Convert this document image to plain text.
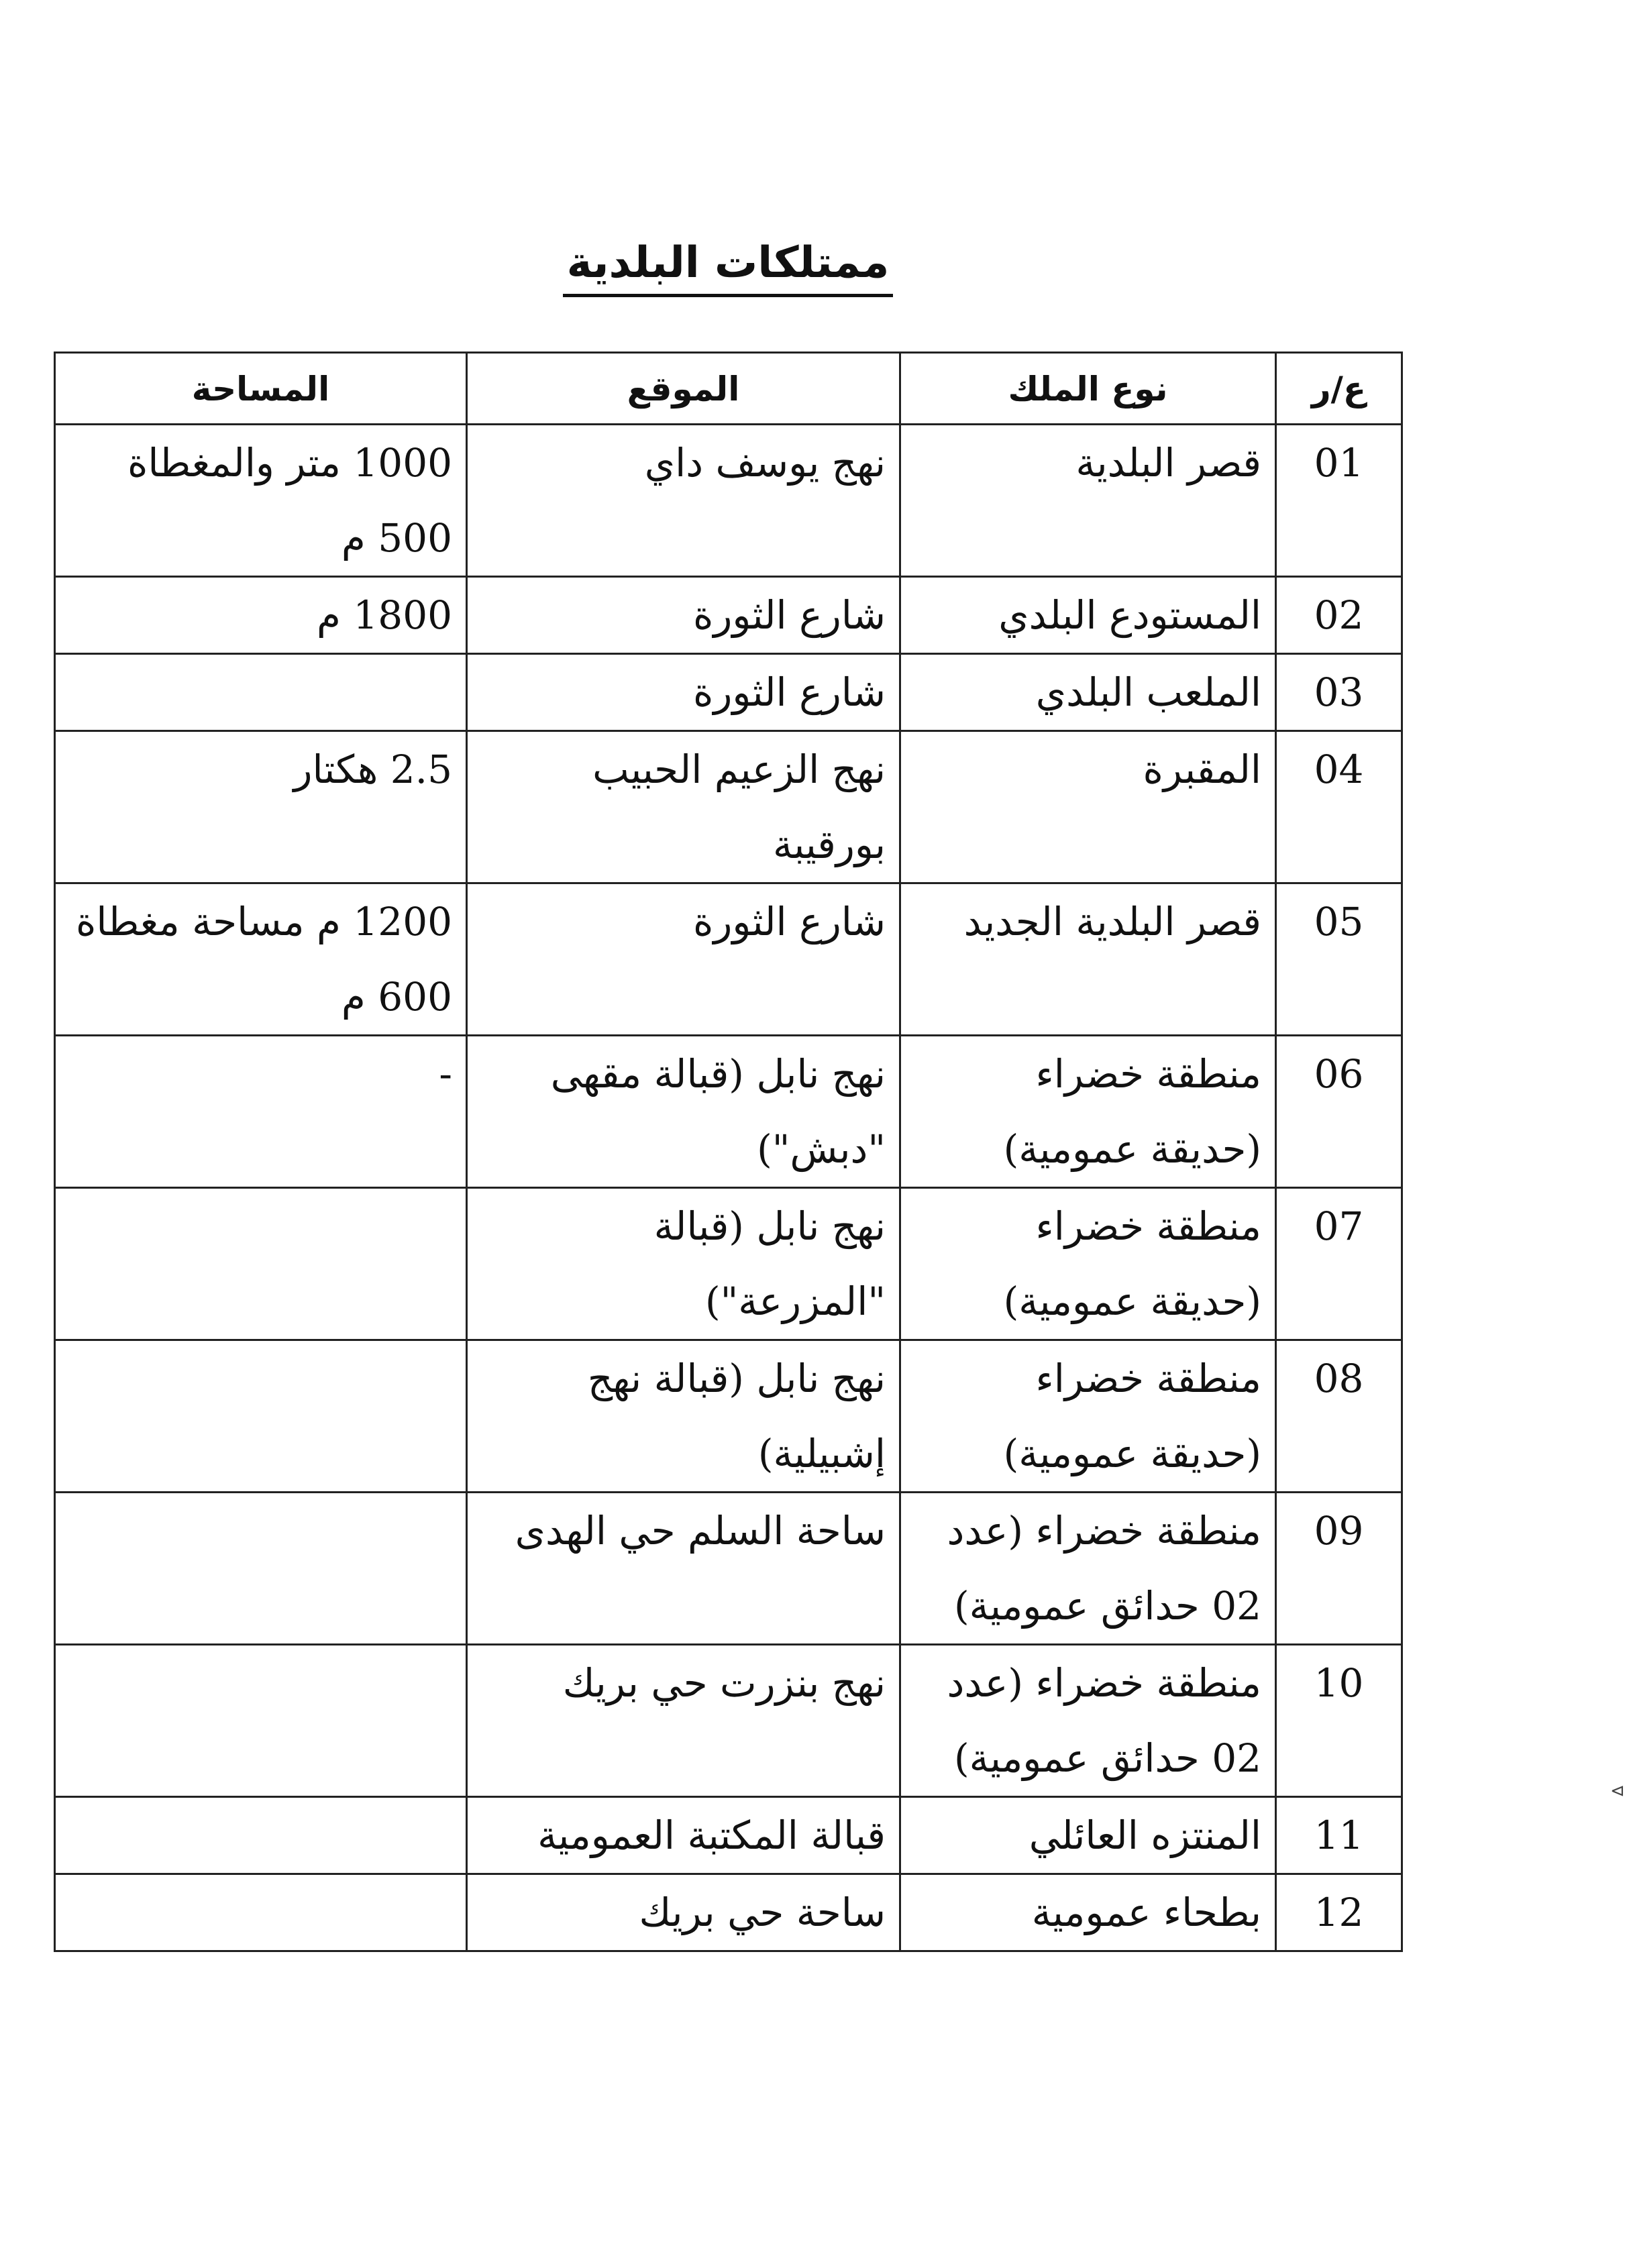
ممتلكات البلدية
ع/ر	نوع الملك	الموقع	المساحة
01	قصر البلدية	نهج يوسف داي	1000 متر والمغطاة 500 م
02	المستودع البلدي	شارع الثورة	1800 م
03	الملعب البلدي	شارع الثورة	
04	المقبرة	نهج الزعيم الحبيب بورقيبة	2.5 هكتار
05	قصر البلدية الجديد	شارع الثورة	1200 م مساحة مغطاة 600 م
06	منطقة خضراء (حديقة عمومية)	نهج نابل (قبالة مقهى "دبش")	-
07	منطقة خضراء (حديقة عمومية)	نهج نابل (قبالة "المزرعة")	
08	منطقة خضراء (حديقة عمومية)	نهج نابل (قبالة نهج إشبيلية)	
09	منطقة خضراء (عدد 02 حدائق عمومية)	ساحة السلم حي الهدى	
10	منطقة خضراء (عدد 02 حدائق عمومية)	نهج بنزرت حي بريك	
11	المنتزه العائلي	قبالة المكتبة العمومية	
12	بطحاء عمومية	ساحة حي بريك	
⊳
